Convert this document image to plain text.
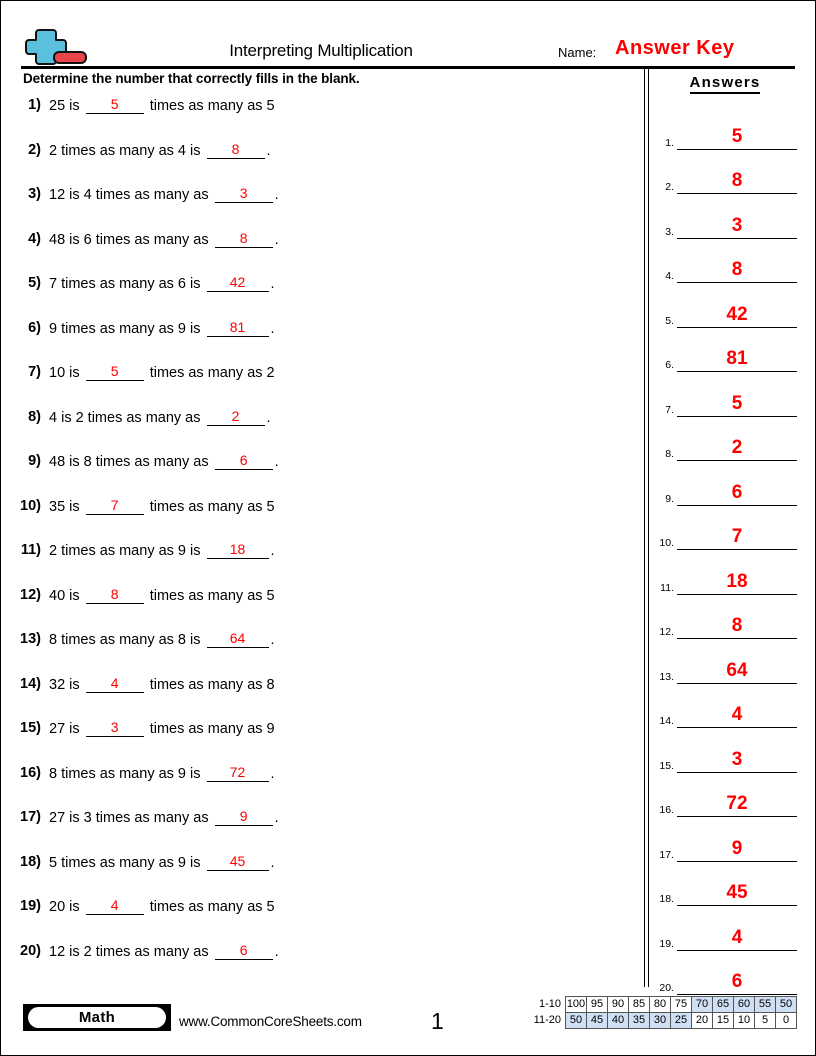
Interpreting Multiplication	Name: Answer Key
Determine the number that correctly fills in the blank.
1) 25 is	5	times as many as 5
2) 2 times as many as 4 is	8	.
3) 12 is 4 times as many as	3	.
4) 48 is 6 times as many as	8	.
5) 7 times as many as 6 is	42	.
6) 9 times as many as 9 is	81	.
7) 10 is	5	times as many as 2
8) 4 is 2 times as many as	2	.
9) 48 is 8 times as many as	6	.
10) 35 is	7	times as many as 5
11) 2 times as many as 9 is	18	.
12) 40 is	8	times as many as 5
13) 8 times as many as 8 is	64	.
14) 32 is	4	times as many as 8
15) 27 is	3	times as many as 9
16) 8 times as many as 9 is	72	.
17) 27 is 3 times as many as	9	.
18) 5 times as many as 9 is	45	.
19) 20 is	4	times as many as 5
20) 12 is 2 times as many as	6	.
Answers
1.	5
2.	8
3.	3
4.	8
5.	42
6.	81
7.	5
8.	2
9.	6
10.	7
11.	18
12.	8
13.	64
14.	4
15.	3
16.	72
17.	9
18.	45
19.	4
20.	6
Math	www.CommonCoreSheets.com	1
1-10	100	95	90	85	80	75	70	65	60	55	50
11-20	50	45	40	35	30	25	20	15	10	5	0
